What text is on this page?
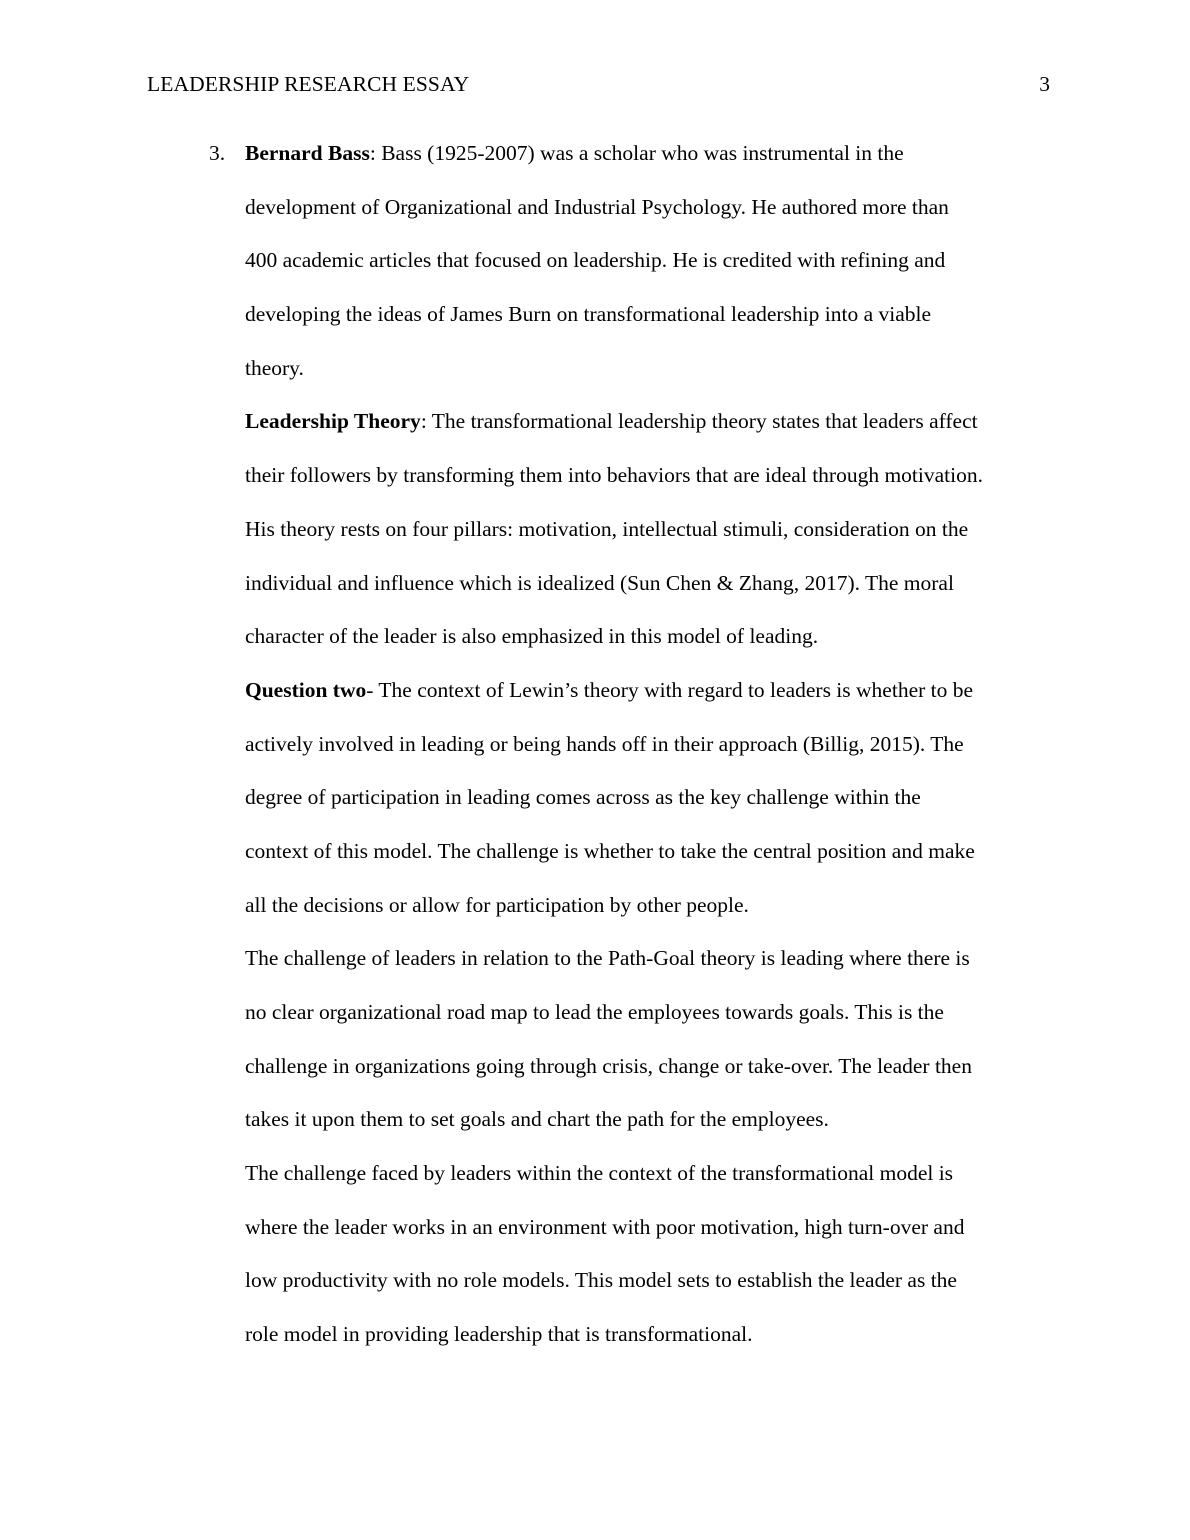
LEADERSHIP RESEARCH ESSAY	3
3. Bernard Bass: Bass (1925-2007) was a scholar who was instrumental in the
development of Organizational and Industrial Psychology. He authored more than
400 academic articles that focused on leadership. He is credited with refining and
developing the ideas of James Burn on transformational leadership into a viable
theory.

Leadership Theory: The transformational leadership theory states that leaders affect
their followers by transforming them into behaviors that are ideal through motivation.
His theory rests on four pillars: motivation, intellectual stimuli, consideration on the
individual and influence which is idealized (Sun Chen & Zhang, 2017). The moral
character of the leader is also emphasized in this model of leading.

Question two- The context of Lewin’s theory with regard to leaders is whether to be
actively involved in leading or being hands off in their approach (Billig, 2015). The
degree of participation in leading comes across as the key challenge within the
context of this model. The challenge is whether to take the central position and make
all the decisions or allow for participation by other people.

The challenge of leaders in relation to the Path-Goal theory is leading where there is
no clear organizational road map to lead the employees towards goals. This is the
challenge in organizations going through crisis, change or take-over. The leader then
takes it upon them to set goals and chart the path for the employees.

The challenge faced by leaders within the context of the transformational model is
where the leader works in an environment with poor motivation, high turn-over and
low productivity with no role models. This model sets to establish the leader as the
role model in providing leadership that is transformational.
